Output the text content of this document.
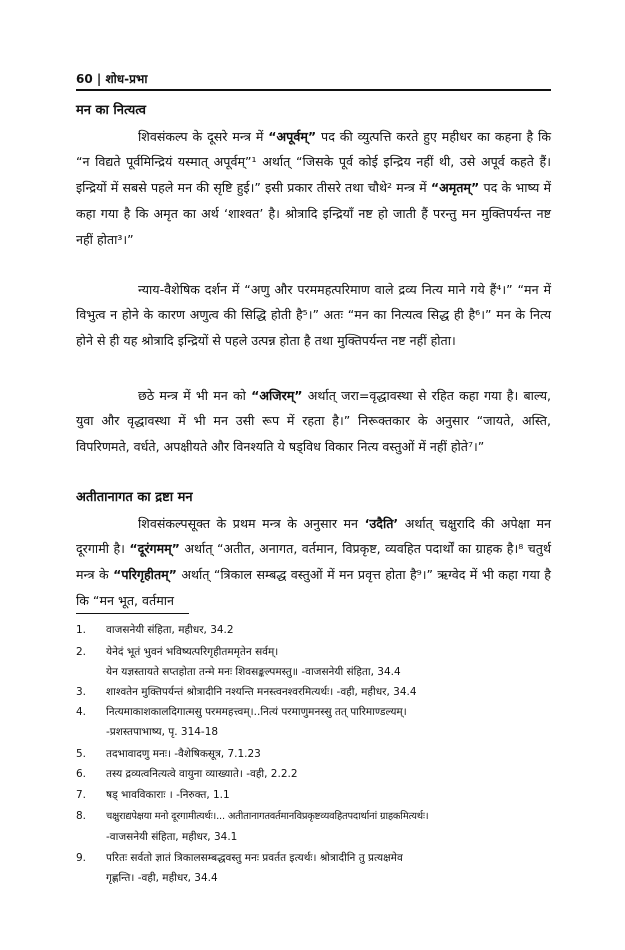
60 | शोध-प्रभा
मन का नित्यत्व

शिवसंकल्प के दूसरे मन्त्र में “अपूर्वम्” पद की व्युत्पत्ति करते हुए महीधर का कहना है कि “न विद्यते पूर्वमिन्द्रियं यस्मात् अपूर्वम्”¹ अर्थात् “जिसके पूर्व कोई इन्द्रिय नहीं थी, उसे अपूर्व कहते हैं। इन्द्रियों में सबसे पहले मन की सृष्टि हुई।” इसी प्रकार तीसरे तथा चौथे² मन्त्र में “अमृतम्” पद के भाष्य में कहा गया है कि अमृत का अर्थ ‘शाश्वत’ है। श्रोत्रादि इन्द्रियाँ नष्ट हो जाती हैं परन्तु मन मुक्तिपर्यन्त नष्ट नहीं होता³।”

न्याय-वैशेषिक दर्शन में “अणु और परममहत्परिमाण वाले द्रव्य नित्य माने गये हैं⁴।” “मन में विभुत्व न होने के कारण अणुत्व की सिद्धि होती है⁵।” अतः “मन का नित्यत्व सिद्ध ही है⁶।” मन के नित्य होने से ही यह श्रोत्रादि इन्द्रियों से पहले उत्पन्न होता है तथा मुक्तिपर्यन्त नष्ट नहीं होता।

छठे मन्त्र में भी मन को “अजिरम्” अर्थात् जरा=वृद्धावस्था से रहित कहा गया है। बाल्य, युवा और वृद्धावस्था में भी मन उसी रूप में रहता है।” निरूक्तकार के अनुसार “जायते, अस्ति, विपरिणमते, वर्धते, अपक्षीयते और विनश्यति ये षड्विध विकार नित्य वस्तुओं में नहीं होते⁷।”

अतीतानागत का द्रष्टा मन

शिवसंकल्पसूक्त के प्रथम मन्त्र के अनुसार मन ‘उदैति’ अर्थात् चक्षुरादि की अपेक्षा मन दूरगामी है। “दूरंगमम्” अर्थात् “अतीत, अनागत, वर्तमान, विप्रकृष्ट, व्यवहित पदार्थों का ग्राहक है।⁸ चतुर्थ मन्त्र के “परिगृहीतम्” अर्थात् “त्रिकाल सम्बद्ध वस्तुओं में मन प्रवृत्त होता है⁹।” ऋग्वेद में भी कहा गया है कि “मन भूत, वर्तमान

1.	वाजसनेयी संहिता, महीधर, 34.2
2.	येनेदं भूतं भुवनं भविष्यत्परिगृहीतममृतेन सर्वम्।
येन यज्ञस्तायते सप्तहोता तन्मे मनः शिवसङ्कल्पमस्तु॥ -वाजसनेयी संहिता, 34.4
3.	शाश्वतेन मुक्तिपर्यन्तं श्रोत्रादीनि नश्यन्ति मनस्त्वनश्वरमित्यर्थः। -वही, महीधर, 34.4
4.	नित्यमाकाशकालदिगात्मसु परममहत्त्वम्।..नित्यं परमाणुमनस्सु तत् पारिमाण्डल्यम्।
-प्रशस्तपाभाष्य, पृ. 314-18
5.	तदभावादणु मनः। -वैशेषिकसूत्र, 7.1.23
6.	तस्य द्रव्यत्वनित्यत्वे वायुना व्याख्याते। -वही, 2.2.2
7.	षड् भावविकाराः । -निरुक्त, 1.1
8.	चक्षुराद्यपेक्षया मनो दूरगामीत्यर्थः।... अतीतानागतवर्तमानविप्रकृष्टव्यवहितपदार्थानां ग्राहकमित्यर्थः।
-वाजसनेयी संहिता, महीधर, 34.1
9.	परितः सर्वतो ज्ञातं त्रिकालसम्बद्धवस्तु मनः प्रवर्तत इत्यर्थः। श्रोत्रादीनि तु प्रत्यक्षमेव
गृह्णन्ति। -वही, महीधर, 34.4
